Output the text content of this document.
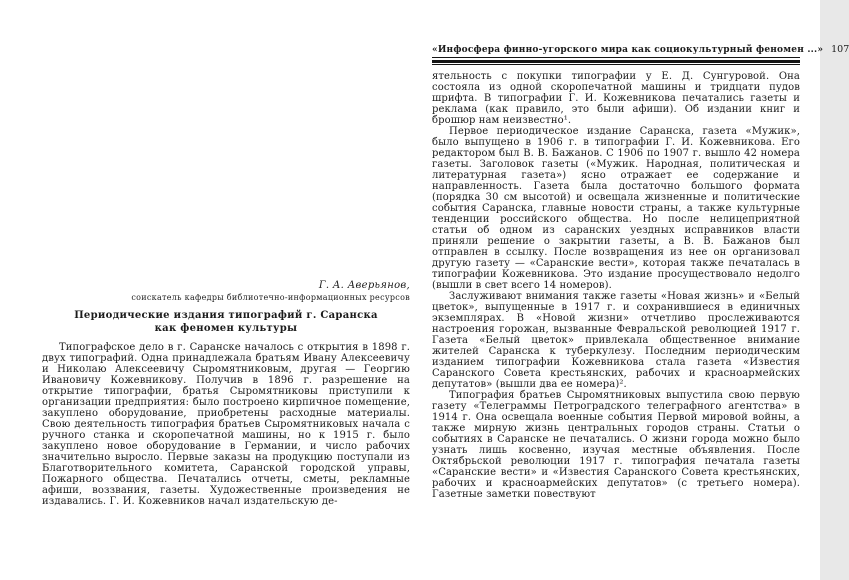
Г. А. Аверьянов,
соискатель кафедры библиотечно-информационных ресурсов
Периодические издания типографий г. Саранска
как феномен культуры

Типографское дело в г. Саранске началось с открытия в 1898 г. двух типографий. Одна принадлежала братьям Ивану Алексеевичу и Николаю Алексеевичу Сыромятниковым, другая — Георгию Ивановичу Кожевникову. Получив в 1896 г. разрешение на открытие типографии, братья Сыромятниковы приступили к организации предприятия: было построено кирпичное помещение, закуплено оборудование, приобретены расходные материалы. Свою деятельность типография братьев Сыромятниковых начала с ручного станка и скоропечатной машины, но к 1915 г. было закуплено новое оборудование в Германии, и число рабочих значительно выросло. Первые заказы на продукцию поступали из Благотворительного комитета, Саранской городской управы, Пожарного общества. Печатались отчеты, сметы, рекламные афиши, воззвания, газеты. Художественные произведения не издавались. Г. И. Кожевников начал издательскую де-

«Инфосфера финно-угорского мира как социокультурный феномен ...» 107

ятельность с покупки типографии у Е. Д. Сунгуровой. Она состояла из одной скоропечатной машины и тридцати пудов шрифта. В типографии Г. И. Кожевникова печатались газеты и реклама (как правило, это были афиши). Об издании книг и брошюр нам неизвестно¹.

Первое периодическое издание Саранска, газета «Мужик», было выпущено в 1906 г. в типографии Г. И. Кожевникова. Его редактором был В. В. Бажанов. С 1906 по 1907 г. вышло 42 номера газеты. Заголовок газеты («Мужик. Народная, политическая и литературная газета») ясно отражает ее содержание и направленность. Газета была достаточно большого формата (порядка 30 см высотой) и освещала жизненные и политические события Саранска, главные новости страны, а также культурные тенденции российского общества. Но после нелицеприятной статьи об одном из саранских уездных исправников власти приняли решение о закрытии газеты, а В. В. Бажанов был отправлен в ссылку. После возвращения из нее он организовал другую газету — «Саранские вести», которая также печаталась в типографии Кожевникова. Это издание просуществовало недолго (вышли в свет всего 14 номеров).

Заслуживают внимания также газеты «Новая жизнь» и «Белый цветок», выпущенные в 1917 г. и сохранившиеся в единичных экземплярах. В «Новой жизни» отчетливо прослеживаются настроения горожан, вызванные Февральской революцией 1917 г. Газета «Белый цветок» привлекала общественное внимание жителей Саранска к туберкулезу. Последним периодическим изданием типографии Кожевникова стала газета «Известия Саранского Совета крестьянских, рабочих и красноармейских депутатов» (вышли два ее номера)².

Типография братьев Сыромятниковых выпустила свою первую газету «Телеграммы Петроградского телеграфного агентства» в 1914 г. Она освещала военные события Первой мировой войны, а также мирную жизнь центральных городов страны. Статьи о событиях в Саранске не печатались. О жизни города можно было узнать лишь косвенно, изучая местные объявления. После Октябрьской революции 1917 г. типография печатала газеты «Саранские вести» и «Известия Саранского Совета крестьянских, рабочих и красноармейских депутатов» (с третьего номера). Газетные заметки повествуют
